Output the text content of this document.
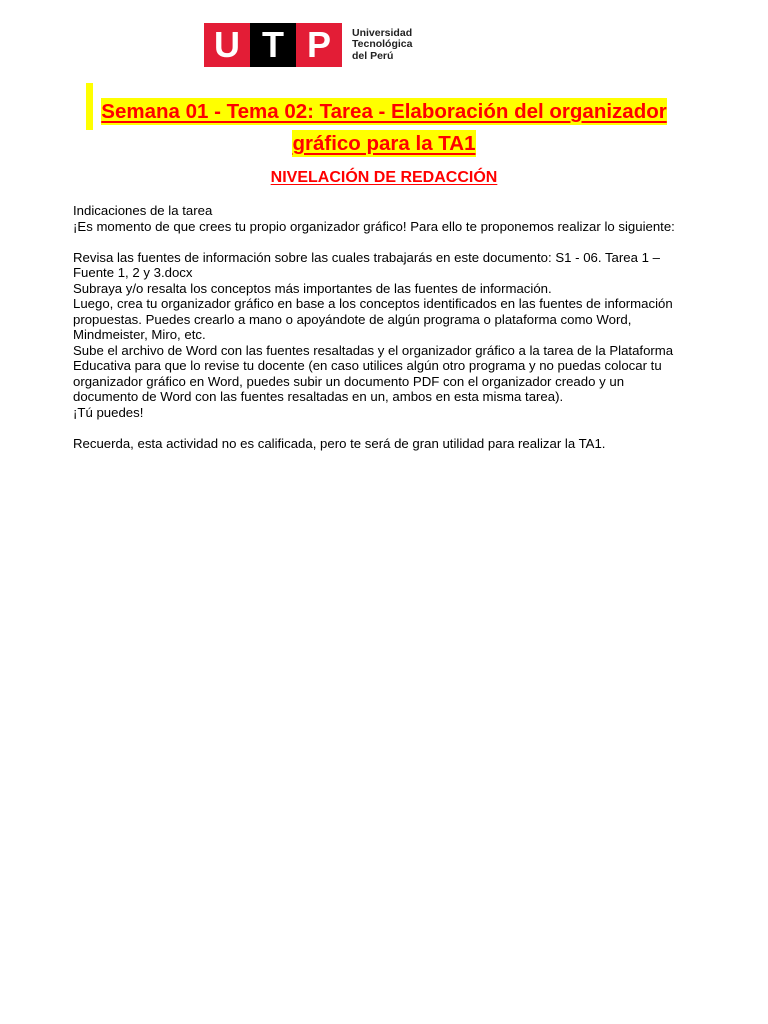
U T P	Universidad
Tecnológica
del Perú
Semana 01 - Tema 02: Tarea - Elaboración del organizador gráfico para la TA1
NIVELACIÓN DE REDACCIÓN

Indicaciones de la tarea

¡Es momento de que crees tu propio organizador gráfico! Para ello te proponemos realizar lo siguiente:

Revisa las fuentes de información sobre las cuales trabajarás en este documento: S1 - 06. Tarea 1 – Fuente 1, 2 y 3.docx

Subraya y/o resalta los conceptos más importantes de las fuentes de información.

Luego, crea tu organizador gráfico en base a los conceptos identificados en las fuentes de información propuestas. Puedes crearlo a mano o apoyándote de algún programa o plataforma como Word, Mindmeister, Miro, etc.

Sube el archivo de Word con las fuentes resaltadas y el organizador gráfico a la tarea de la Plataforma Educativa para que lo revise tu docente (en caso utilices algún otro programa y no puedas colocar tu organizador gráfico en Word, puedes subir un documento PDF con el organizador creado y un documento de Word con las fuentes resaltadas en un, ambos en esta misma tarea).

¡Tú puedes!

Recuerda, esta actividad no es calificada, pero te será de gran utilidad para realizar la TA1.
